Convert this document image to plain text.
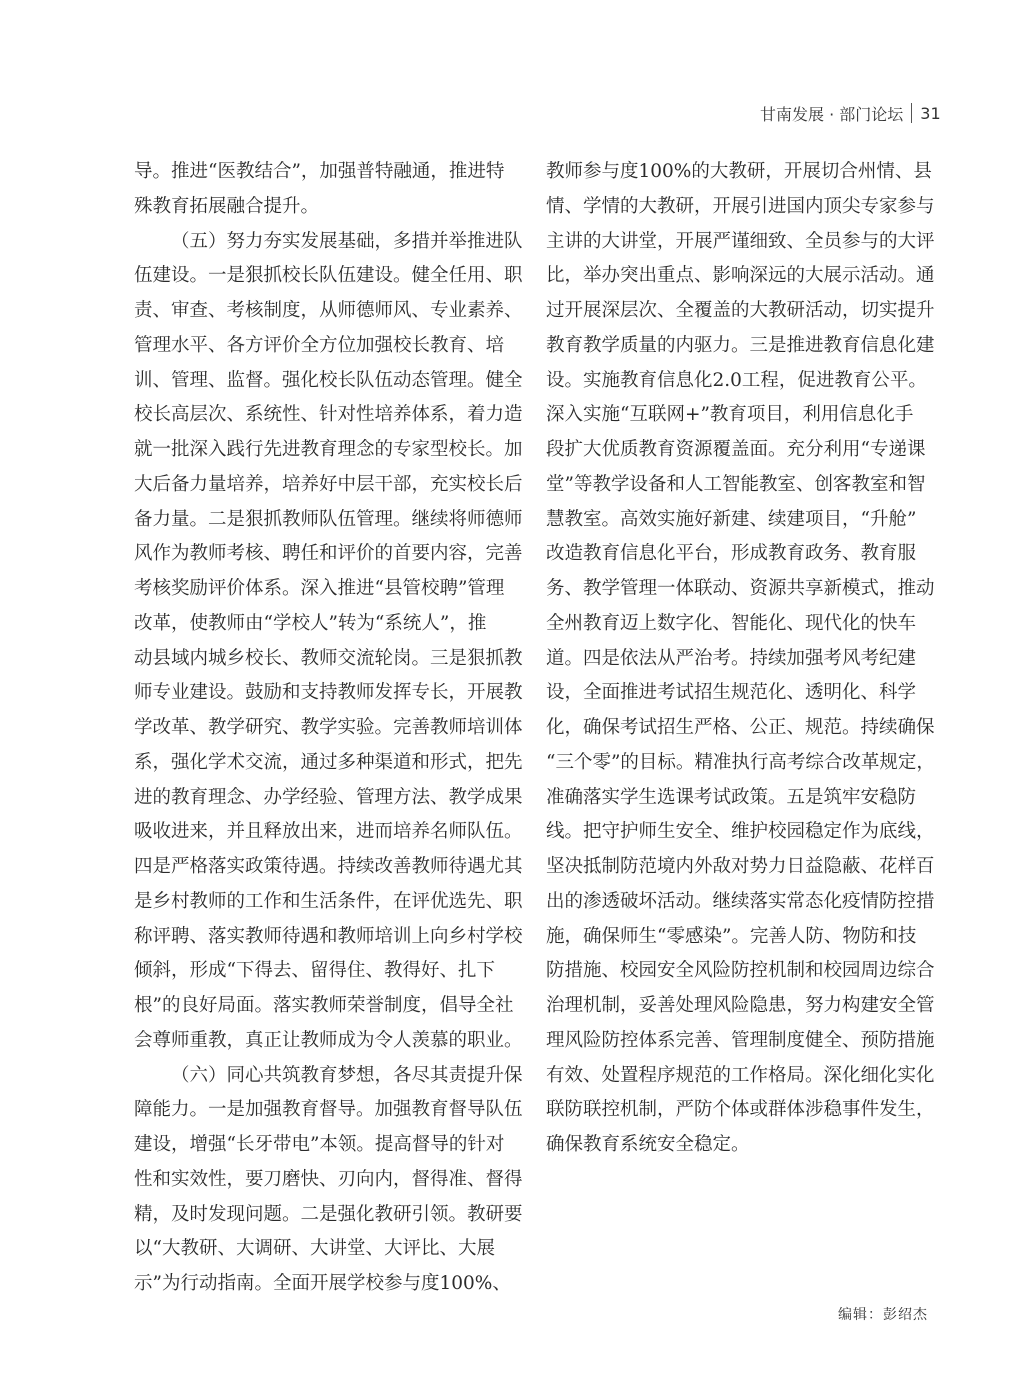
甘南发展 · 部门论坛 31
导。推进“医教结合”，加强普特融通，推进特
殊教育拓展融合提升。
（五）努力夯实发展基础，多措并举推进队
伍建设。一是狠抓校长队伍建设。健全任用、职
责、审查、考核制度，从师德师风、专业素养、
管理水平、各方评价全方位加强校长教育、培
训、管理、监督。强化校长队伍动态管理。健全
校长高层次、系统性、针对性培养体系，着力造
就一批深入践行先进教育理念的专家型校长。加
大后备力量培养，培养好中层干部，充实校长后
备力量。二是狠抓教师队伍管理。继续将师德师
风作为教师考核、聘任和评价的首要内容，完善
考核奖励评价体系。深入推进“县管校聘”管理
改革，使教师由“学校人”转为“系统人”，推
动县域内城乡校长、教师交流轮岗。三是狠抓教
师专业建设。鼓励和支持教师发挥专长，开展教
学改革、教学研究、教学实验。完善教师培训体
系，强化学术交流，通过多种渠道和形式，把先
进的教育理念、办学经验、管理方法、教学成果
吸收进来，并且释放出来，进而培养名师队伍。
四是严格落实政策待遇。持续改善教师待遇尤其
是乡村教师的工作和生活条件，在评优选先、职
称评聘、落实教师待遇和教师培训上向乡村学校
倾斜，形成“下得去、留得住、教得好、扎下
根”的良好局面。落实教师荣誉制度，倡导全社
会尊师重教，真正让教师成为令人羡慕的职业。
（六）同心共筑教育梦想，各尽其责提升保
障能力。一是加强教育督导。加强教育督导队伍
建设，增强“长牙带电”本领。提高督导的针对
性和实效性，要刀磨快、刃向内，督得准、督得
精，及时发现问题。二是强化教研引领。教研要
以“大教研、大调研、大讲堂、大评比、大展
示”为行动指南。全面开展学校参与度100%、
教师参与度100%的大教研，开展切合州情、县
情、学情的大教研，开展引进国内顶尖专家参与
主讲的大讲堂，开展严谨细致、全员参与的大评
比，举办突出重点、影响深远的大展示活动。通
过开展深层次、全覆盖的大教研活动，切实提升
教育教学质量的内驱力。三是推进教育信息化建
设。实施教育信息化2.0工程，促进教育公平。
深入实施“互联网+”教育项目，利用信息化手
段扩大优质教育资源覆盖面。充分利用“专递课
堂”等教学设备和人工智能教室、创客教室和智
慧教室。高效实施好新建、续建项目，“升舱”
改造教育信息化平台，形成教育政务、教育服
务、教学管理一体联动、资源共享新模式，推动
全州教育迈上数字化、智能化、现代化的快车
道。四是依法从严治考。持续加强考风考纪建
设，全面推进考试招生规范化、透明化、科学
化，确保考试招生严格、公正、规范。持续确保
“三个零”的目标。精准执行高考综合改革规定，
准确落实学生选课考试政策。五是筑牢安稳防
线。把守护师生安全、维护校园稳定作为底线，
坚决抵制防范境内外敌对势力日益隐蔽、花样百
出的渗透破坏活动。继续落实常态化疫情防控措
施，确保师生“零感染”。完善人防、物防和技
防措施、校园安全风险防控机制和校园周边综合
治理机制，妥善处理风险隐患，努力构建安全管
理风险防控体系完善、管理制度健全、预防措施
有效、处置程序规范的工作格局。深化细化实化
联防联控机制，严防个体或群体涉稳事件发生，
确保教育系统安全稳定。
编辑：彭绍杰
